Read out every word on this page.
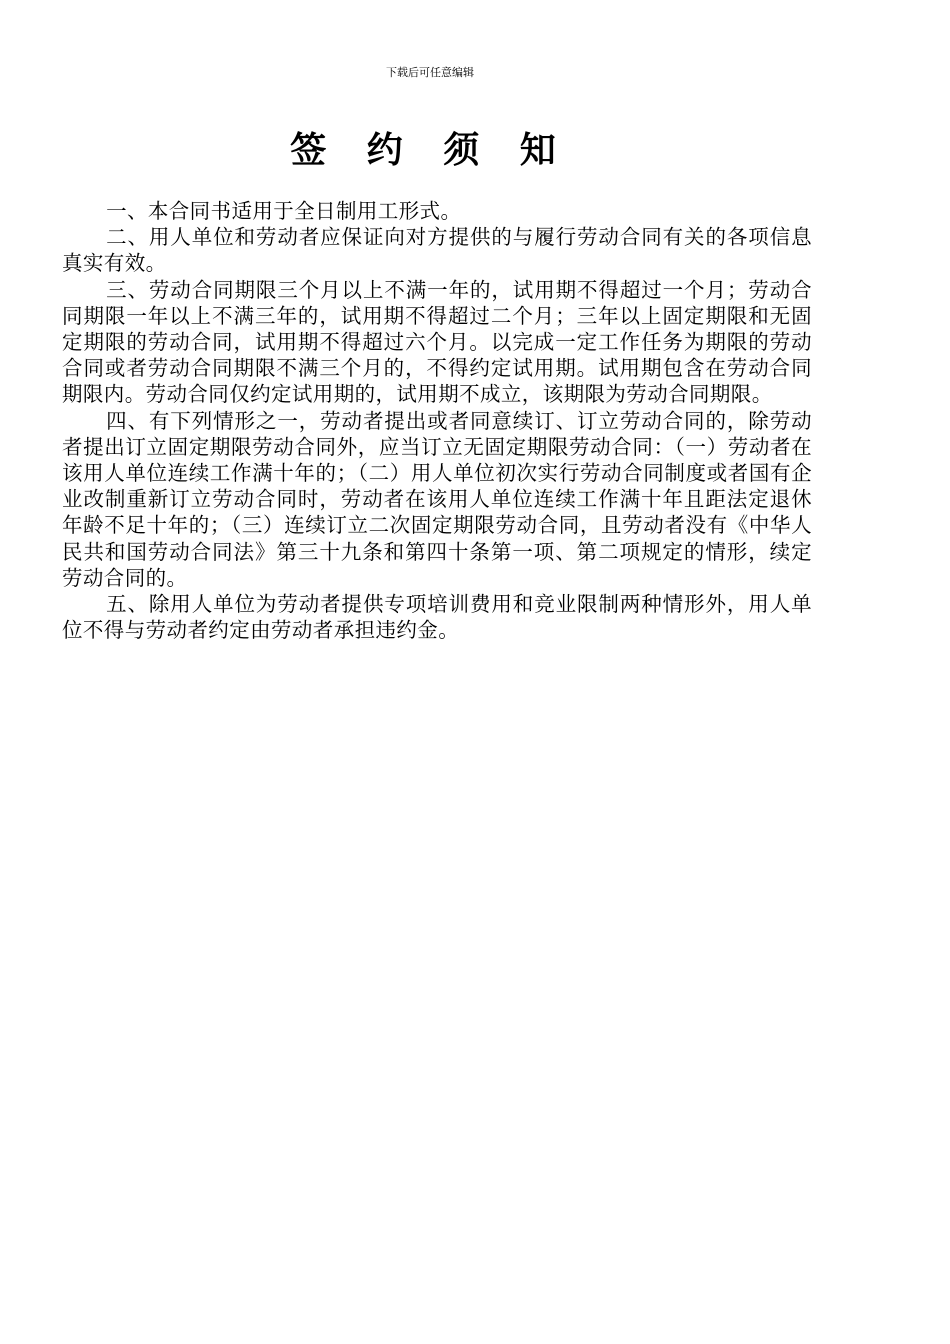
下载后可任意编辑
签 约 须 知

一、本合同书适用于全日制用工形式。

二、用人单位和劳动者应保证向对方提供的与履行劳动合同有关的各项信息真实有效。

三、劳动合同期限三个月以上不满一年的，试用期不得超过一个月；劳动合同期限一年以上不满三年的，试用期不得超过二个月；三年以上固定期限和无固定期限的劳动合同，试用期不得超过六个月。以完成一定工作任务为期限的劳动合同或者劳动合同期限不满三个月的，不得约定试用期。试用期包含在劳动合同期限内。劳动合同仅约定试用期的，试用期不成立，该期限为劳动合同期限。

四、有下列情形之一，劳动者提出或者同意续订、订立劳动合同的，除劳动者提出订立固定期限劳动合同外，应当订立无固定期限劳动合同：（一）劳动者在该用人单位连续工作满十年的；（二）用人单位初次实行劳动合同制度或者国有企业改制重新订立劳动合同时，劳动者在该用人单位连续工作满十年且距法定退休年龄不足十年的；（三）连续订立二次固定期限劳动合同，且劳动者没有《中华人民共和国劳动合同法》第三十九条和第四十条第一项、第二项规定的情形，续定劳动合同的。

五、除用人单位为劳动者提供专项培训费用和竞业限制两种情形外，用人单位不得与劳动者约定由劳动者承担违约金。
